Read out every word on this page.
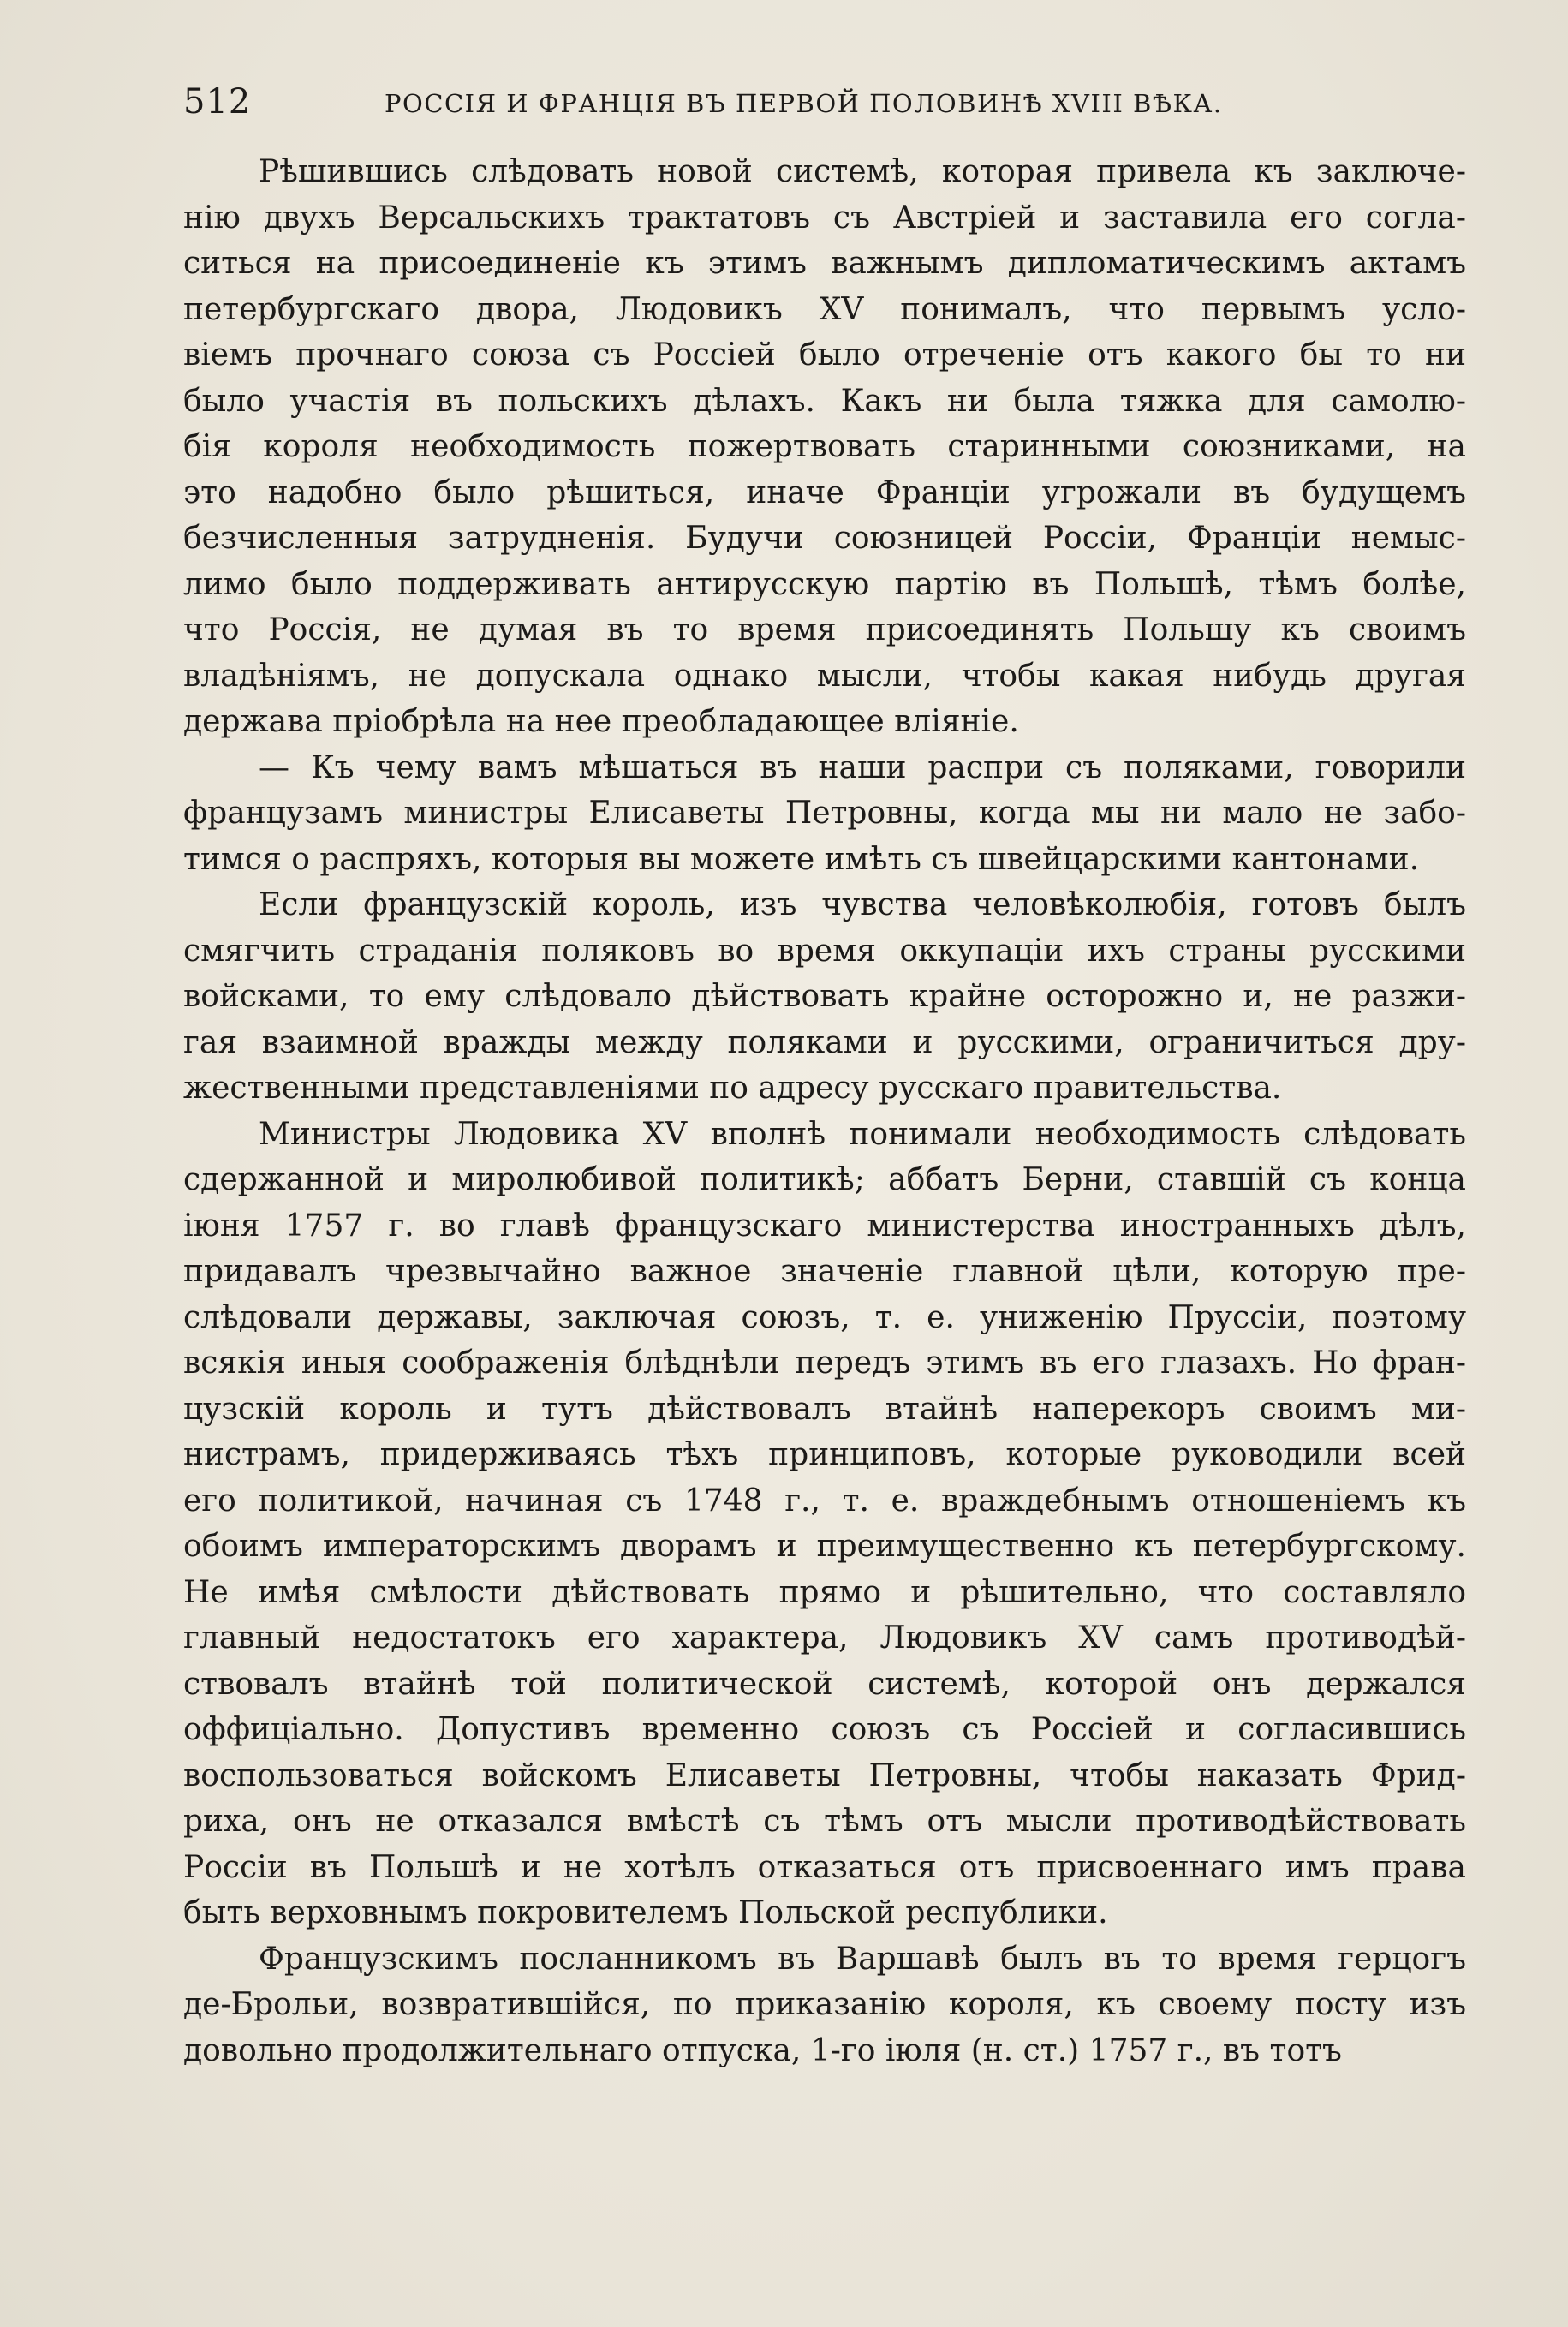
512	РОССІЯ И ФРАНЦІЯ ВЪ ПЕРВОЙ ПОЛОВИНѢ XVIII ВѢКА.
Рѣшившись слѣдовать новой системѣ, которая привела къ заключе-
нію двухъ Версальскихъ трактатовъ съ Австріей и заставила его согла-
ситься на присоединеніе къ этимъ важнымъ дипломатическимъ актамъ
петербургскаго двора, Людовикъ XV понималъ, что первымъ усло-
віемъ прочнаго союза съ Россіей было отреченіе отъ какого бы то ни
было участія въ польскихъ дѣлахъ. Какъ ни была тяжка для самолю-
бія короля необходимость пожертвовать старинными союзниками, на
это надобно было рѣшиться, иначе Франціи угрожали въ будущемъ
безчисленныя затрудненія. Будучи союзницей Россіи, Франціи немыс-
лимо было поддерживать антирусскую партію въ Польшѣ, тѣмъ болѣе,
что Россія, не думая въ то время присоединять Польшу къ своимъ
владѣніямъ, не допускала однако мысли, чтобы какая нибудь другая
держава пріобрѣла на нее преобладающее вліяніе.
— Къ чему вамъ мѣшаться въ наши распри съ поляками, говорили
французамъ министры Елисаветы Петровны, когда мы ни мало не забо-
тимся о распряхъ, которыя вы можете имѣть съ швейцарскими кантонами.
Если французскій король, изъ чувства человѣколюбія, готовъ былъ
смягчить страданія поляковъ во время оккупаціи ихъ страны русскими
войсками, то ему слѣдовало дѣйствовать крайне осторожно и, не разжи-
гая взаимной вражды между поляками и русскими, ограничиться дру-
жественными представленіями по адресу русскаго правительства.
Министры Людовика XV вполнѣ понимали необходимость слѣдовать
сдержанной и миролюбивой политикѣ; аббатъ Берни, ставшій съ конца
іюня 1757 г. во главѣ французскаго министерства иностранныхъ дѣлъ,
придавалъ чрезвычайно важное значеніе главной цѣли, которую пре-
слѣдовали державы, заключая союзъ, т. е. униженію Пруссіи, поэтому
всякія иныя соображенія блѣднѣли передъ этимъ въ его глазахъ. Но фран-
цузскій король и тутъ дѣйствовалъ втайнѣ наперекоръ своимъ ми-
нистрамъ, придерживаясь тѣхъ принциповъ, которые руководили всей
его политикой, начиная съ 1748 г., т. е. враждебнымъ отношеніемъ къ
обоимъ императорскимъ дворамъ и преимущественно къ петербургскому.
Не имѣя смѣлости дѣйствовать прямо и рѣшительно, что составляло
главный недостатокъ его характера, Людовикъ XV самъ противодѣй-
ствовалъ втайнѣ той политической системѣ, которой онъ держался
оффиціально. Допустивъ временно союзъ съ Россіей и согласившись
воспользоваться войскомъ Елисаветы Петровны, чтобы наказать Фрид-
риха, онъ не отказался вмѣстѣ съ тѣмъ отъ мысли противодѣйствовать
Россіи въ Польшѣ и не хотѣлъ отказаться отъ присвоеннаго имъ права
быть верховнымъ покровителемъ Польской республики.
Французскимъ посланникомъ въ Варшавѣ былъ въ то время герцогъ
де-Брольи, возвратившійся, по приказанію короля, къ своему посту изъ
довольно продолжительнаго отпуска, 1-го іюля (н. ст.) 1757 г., въ тотъ
